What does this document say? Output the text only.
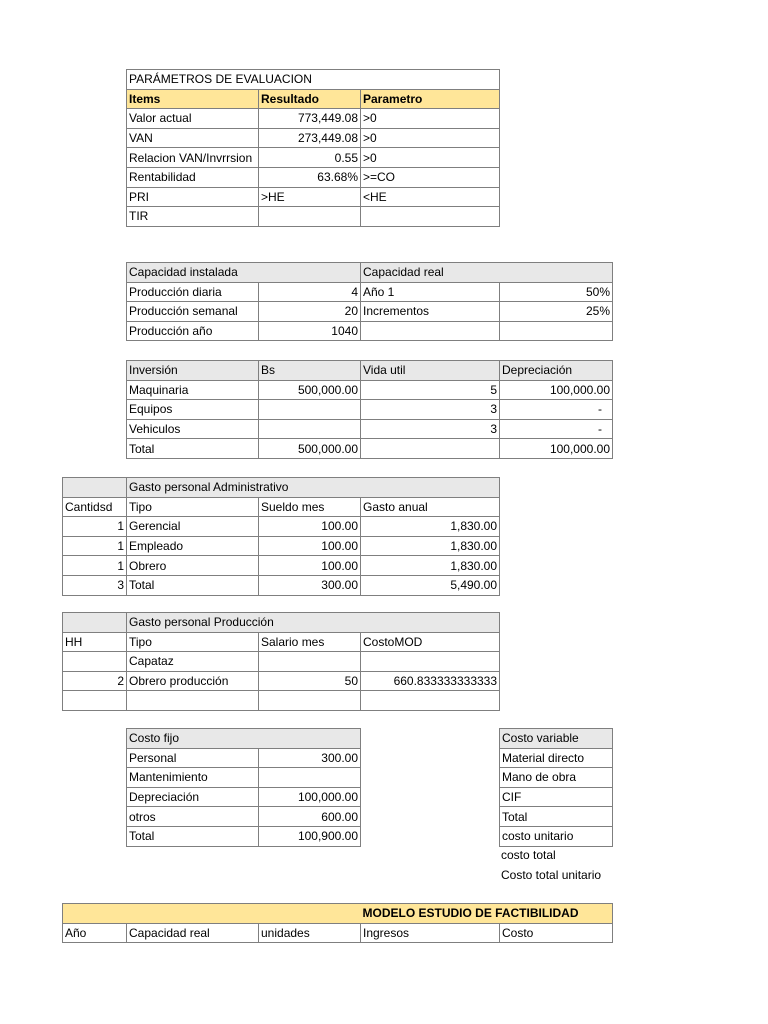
PARÁMETROS DE EVALUACION		
Items	Resultado	Parametro
Valor actual	773,449.08	>0
VAN	273,449.08	>0
Relacion VAN/Invrrsion	0.55	>0
Rentabilidad	63.68%	>=CO
PRI	>HE	<HE
TIR		
Capacidad instalada		Capacidad real	
Producción diaria	4	Año 1	50%
Producción semanal	20	Incrementos	25%
Producción año	1040		
Inversión	Bs	Vida util	Depreciación
Maquinaria	500,000.00	5	100,000.00
Equipos		3	-
Vehiculos		3	-
Total	500,000.00		100,000.00
	Gasto personal Administrativo		
Cantidsd	Tipo	Sueldo mes	Gasto anual
1	Gerencial	100.00	1,830.00
1	Empleado	100.00	1,830.00
1	Obrero	100.00	1,830.00
3	Total	300.00	5,490.00
	Gasto personal Producción		
HH	Tipo	Salario mes	CostoMOD
	Capataz		
2	Obrero producción	50	660.833333333333

Costo fijo	
Personal	300.00
Mantenimiento	
Depreciación	100,000.00
otros	600.00
Total	100,900.00
Costo variable
Material directo
Mano de obra
CIF
Total
costo unitario
costo total
Costo total unitario
			MODELO ESTUDIO DE FACTIBILIDAD	
Año	Capacidad real	unidades	Ingresos	Costo
